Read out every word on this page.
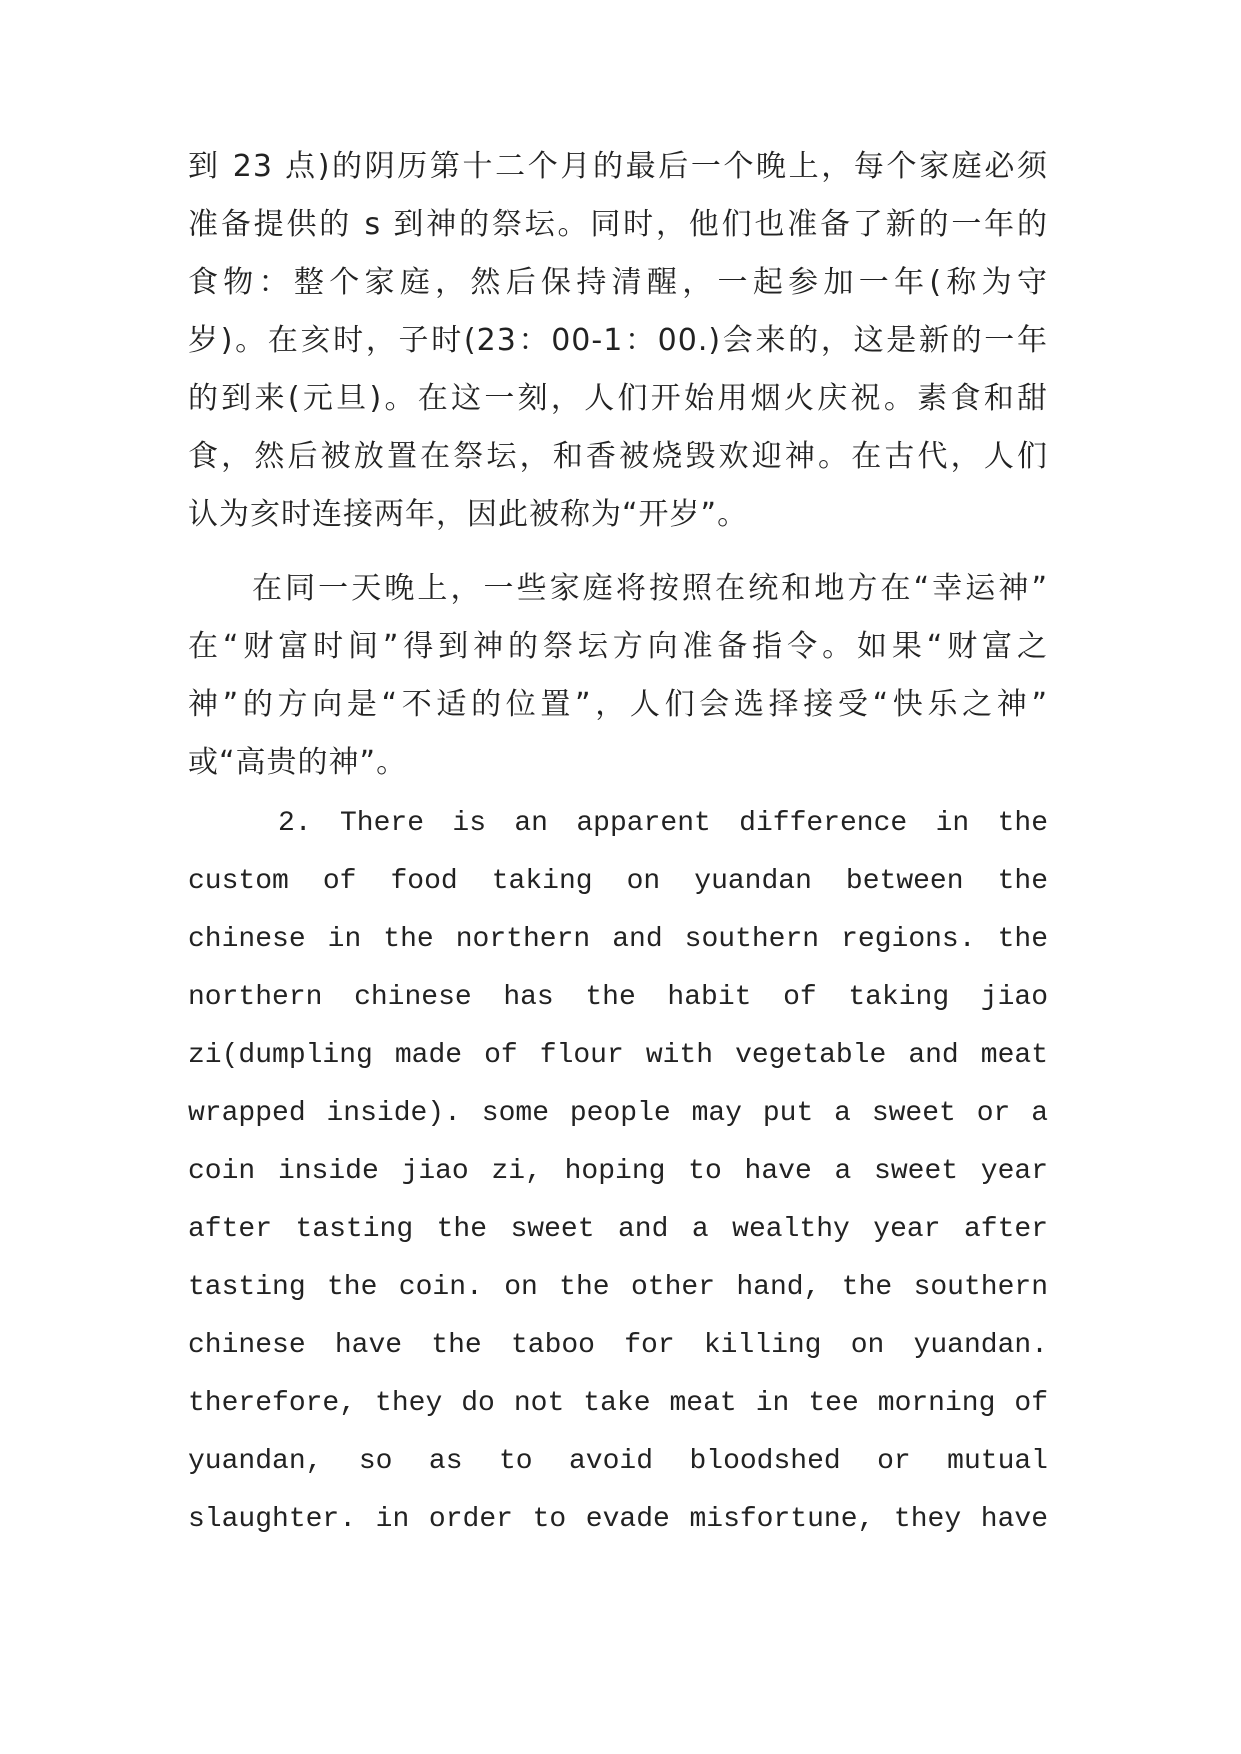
到 23 点)的阴历第十二个月的最后一个晚上，每个家庭必须
准备提供的 s 到神的祭坛。同时，他们也准备了新的一年的
食物：整个家庭，然后保持清醒，一起参加一年(称为守
岁)。在亥时，子时(23：00-1：00.)会来的，这是新的一年
的到来(元旦)。在这一刻，人们开始用烟火庆祝。素食和甜
食，然后被放置在祭坛，和香被烧毁欢迎神。在古代，人们
认为亥时连接两年，因此被称为“开岁”。
在同一天晚上，一些家庭将按照在统和地方在“幸运神”
在“财富时间”得到神的祭坛方向准备指令。如果“财富之
神”的方向是“不适的位置”，人们会选择接受“快乐之神”
或“高贵的神”。
2. There is an apparent difference in the
custom of food taking on yuandan between the
chinese in the northern and southern regions. the
northern chinese has the habit of taking jiao
zi(dumpling made of flour with vegetable and meat
wrapped inside). some people may put a sweet or a
coin inside jiao zi, hoping to have a sweet year
after tasting the sweet and a wealthy year after
tasting the coin. on the other hand, the southern
chinese have the taboo for killing on yuandan.
therefore, they do not take meat in tee morning of
yuandan, so as to avoid bloodshed or mutual
slaughter. in order to evade misfortune, they have
